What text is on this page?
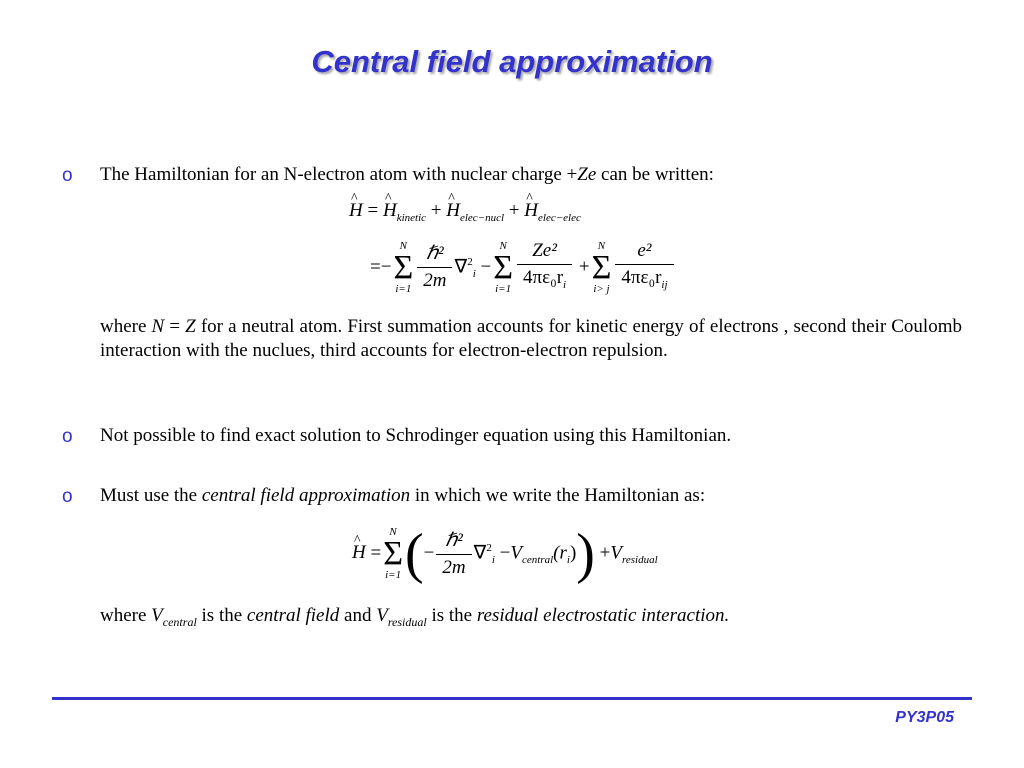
Central field approximation
o The Hamiltonian for an N-electron atom with nuclear charge +Ze can be written:

^ H = ^ $H_{kinetic}$ + ^ $H_{elec-nucl}$ + ^ $H_{elec-elec}$
=−
N
Σ
$i=1 \frac{\text{ℏ²}}{2m} \nabla^2_i$ −
N
Σ
$i=1 \frac{\text{Ze²}}{4\pi\varepsilon_0r_i}$ +
N
Σ
i> j $\frac{\text{e²}}{4\pi\varepsilon_0r_{ij}}$

where N = Z for a neutral atom. First summation accounts for kinetic energy of electrons , second their Coulomb interaction with the nuclues, third accounts for electron-electron repulsion.

o Not possible to find exact solution to Schrodinger equation using this Hamiltonian.

o Must use the central field approximation in which we write the Hamiltonian as:

^ H =
N
Σ
i=1 (− $\frac{\text{ℏ²}}{2m} \nabla^2_i -V_{central}(r_i)) +V_{residual}$

where $V_{central}$ is the central field and $V_{residual}$ is the residual electrostatic interaction.

PY3P05
